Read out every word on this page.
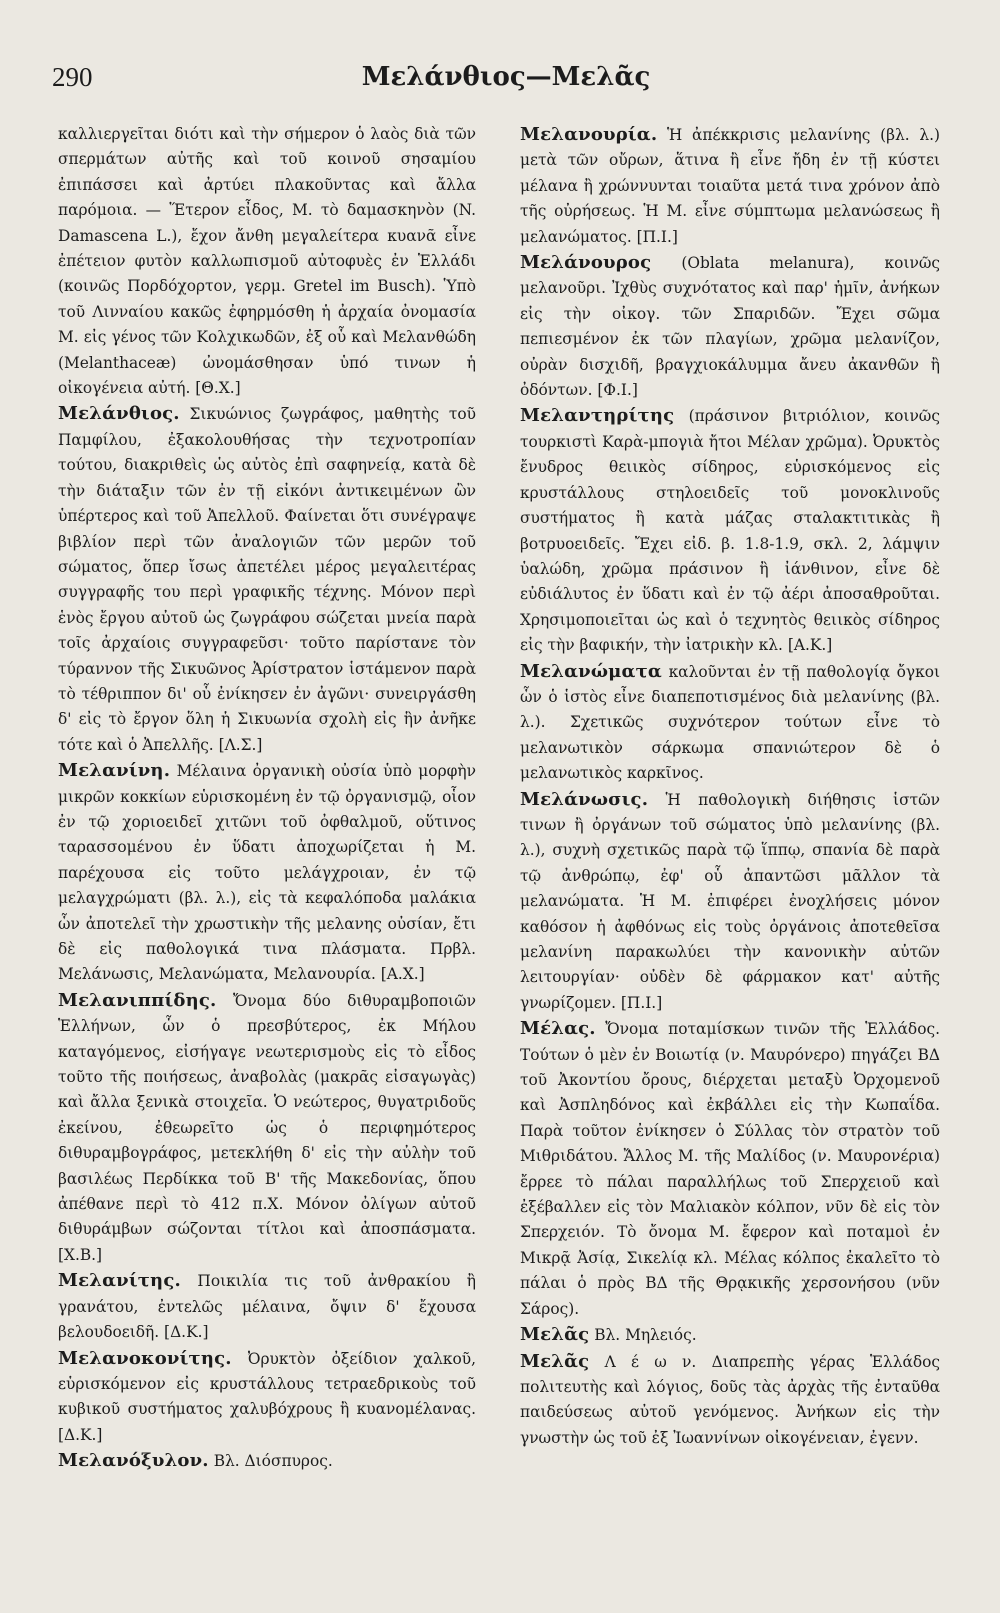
290	Μελάνθιος—Μελᾶς

καλλιεργεῖται διότι καὶ τὴν σήμερον ὁ λαὸς διὰ τῶν σπερμάτων αὐτῆς καὶ τοῦ κοινοῦ σησαμίου ἐπιπάσσει καὶ ἀρτύει πλακοῦντας καὶ ἄλλα παρόμοια. — Ἕτερον εἶδος, Μ. τὸ δαμασκηνὸν (N. Damascena L.), ἔχον ἄνθη μεγαλείτερα κυανᾶ εἶνε ἐπέτειον φυτὸν καλλωπισμοῦ αὐτοφυὲς ἐν Ἑλλάδι (κοινῶς Πορδόχορτον, γερμ. Gretel im Busch). Ὑπὸ τοῦ Λινναίου κακῶς ἐφηρμόσθη ἡ ἀρχαία ὀνομασία Μ. εἰς γένος τῶν Κολχικωδῶν, ἐξ οὗ καὶ Μελανθώδη (Melanthaceæ) ὠνομάσθησαν ὑπό τινων ἡ οἰκογένεια αὐτή. [Θ.Χ.]

Μελάνθιος. Σικυώνιος ζωγράφος, μαθητὴς τοῦ Παμφίλου, ἐξακολουθήσας τὴν τεχνοτροπίαν τούτου, διακριθεὶς ὡς αὐτὸς ἐπὶ σαφηνείᾳ, κατὰ δὲ τὴν διάταξιν τῶν ἐν τῇ εἰκόνι ἀντικειμένων ὢν ὑπέρτερος καὶ τοῦ Ἀπελλοῦ. Φαίνεται ὅτι συνέγραψε βιβλίον περὶ τῶν ἀναλογιῶν τῶν μερῶν τοῦ σώματος, ὅπερ ἴσως ἀπετέλει μέρος μεγαλειτέρας συγγραφῆς του περὶ γραφικῆς τέχνης. Μόνον περὶ ἑνὸς ἔργου αὐτοῦ ὡς ζωγράφου σώζεται μνεία παρὰ τοῖς ἀρχαίοις συγγραφεῦσι· τοῦτο παρίστανε τὸν τύραννον τῆς Σικυῶνος Ἀρίστρατον ἱστάμενον παρὰ τὸ τέθριππον δι' οὗ ἐνίκησεν ἐν ἀγῶνι· συνειργάσθη δ' εἰς τὸ ἔργον ὅλη ἡ Σικυωνία σχολὴ εἰς ἣν ἀνῆκε τότε καὶ ὁ Ἀπελλῆς. [Λ.Σ.]

Μελανίνη. Μέλαινα ὀργανικὴ οὐσία ὑπὸ μορφὴν μικρῶν κοκκίων εὑρισκομένη ἐν τῷ ὀργανισμῷ, οἷον ἐν τῷ χοριοειδεῖ χιτῶνι τοῦ ὀφθαλμοῦ, οὕτινος ταρασσομένου ἐν ὕδατι ἀποχωρίζεται ἡ Μ. παρέχουσα εἰς τοῦτο μελάγχροιαν, ἐν τῷ μελαγχρώματι (βλ. λ.), εἰς τὰ κεφαλόποδα μαλάκια ὧν ἀποτελεῖ τὴν χρωστικὴν τῆς μελανης οὐσίαν, ἔτι δὲ εἰς παθολογικά τινα πλάσματα. Πρβλ. Μελάνωσις, Μελανώματα, Μελανουρία. [Α.Χ.]

Μελανιππίδης. Ὄνομα δύο διθυραμβοποιῶν Ἑλλήνων, ὧν ὁ πρεσβύτερος, ἐκ Μήλου καταγόμενος, εἰσήγαγε νεωτερισμοὺς εἰς τὸ εἶδος τοῦτο τῆς ποιήσεως, ἀναβολὰς (μακρᾶς εἰσαγωγὰς) καὶ ἄλλα ξενικὰ στοιχεῖα. Ὁ νεώτερος, θυγατριδοῦς ἐκείνου, ἐθεωρεῖτο ὡς ὁ περιφημότερος διθυραμβογράφος, μετεκλήθη δ' εἰς τὴν αὐλὴν τοῦ βασιλέως Περδίκκα τοῦ Β' τῆς Μακεδονίας, ὅπου ἀπέθανε περὶ τὸ 412 π.Χ. Μόνον ὀλίγων αὐτοῦ διθυράμβων σώζονται τίτλοι καὶ ἀποσπάσματα. [Χ.Β.]

Μελανίτης. Ποικιλία τις τοῦ ἀνθρακίου ἢ γρανάτου, ἐντελῶς μέλαινα, ὄψιν δ' ἔχουσα βελουδοειδῆ. [Δ.Κ.]

Μελανοκονίτης. Ὀρυκτὸν ὀξείδιον χαλκοῦ, εὑρισκόμενον εἰς κρυστάλλους τετραεδρικοὺς τοῦ κυβικοῦ συστήματος χαλυβόχρους ἢ κυανομέλανας. [Δ.Κ.]

Μελανόξυλον. Βλ. Διόσπυρος.

Μελανουρία. Ἡ ἀπέκκρισις μελανίνης (βλ. λ.) μετὰ τῶν οὔρων, ἅτινα ἢ εἶνε ἤδη ἐν τῇ κύστει μέλανα ἢ χρώννυνται τοιαῦτα μετά τινα χρόνον ἀπὸ τῆς οὐρήσεως. Ἡ Μ. εἶνε σύμπτωμα μελανώσεως ἢ μελανώματος. [Π.Ι.]

Μελάνουρος (Oblata melanura), κοινῶς μελανοῦρι. Ἰχθὺς συχνότατος καὶ παρ' ἡμῖν, ἀνήκων εἰς τὴν οἰκογ. τῶν Σπαριδῶν. Ἔχει σῶμα πεπιεσμένον ἐκ τῶν πλαγίων, χρῶμα μελανίζον, οὐρὰν δισχιδῆ, βραγχιοκάλυμμα ἄνευ ἀκανθῶν ἢ ὀδόντων. [Φ.Ι.]

Μελαντηρίτης (πράσινον βιτριόλιον, κοινῶς τουρκιστὶ Καρὰ-μπογιὰ ἤτοι Μέλαν χρῶμα). Ὀρυκτὸς ἔνυδρος θειικὸς σίδηρος, εὑρισκόμενος εἰς κρυστάλλους στηλοειδεῖς τοῦ μονοκλινοῦς συστήματος ἢ κατὰ μάζας σταλακτιτικὰς ἢ βοτρυοειδεῖς. Ἔχει εἰδ. β. 1.8-1.9, σκλ. 2, λάμψιν ὑαλώδη, χρῶμα πράσινον ἢ ἰάνθινον, εἶνε δὲ εὐδιάλυτος ἐν ὕδατι καὶ ἐν τῷ ἀέρι ἀποσαθροῦται. Χρησιμοποιεῖται ὡς καὶ ὁ τεχνητὸς θειικὸς σίδηρος εἰς τὴν βαφικήν, τὴν ἰατρικὴν κλ. [Α.Κ.]

Μελανώματα καλοῦνται ἐν τῇ παθολογίᾳ ὄγκοι ὧν ὁ ἱστὸς εἶνε διαπεποτισμένος διὰ μελανίνης (βλ. λ.). Σχετικῶς συχνότερον τούτων εἶνε τὸ μελανωτικὸν σάρκωμα σπανιώτερον δὲ ὁ μελανωτικὸς καρκῖνος.

Μελάνωσις. Ἡ παθολογικὴ διήθησις ἱστῶν τινων ἢ ὀργάνων τοῦ σώματος ὑπὸ μελανίνης (βλ. λ.), συχνὴ σχετικῶς παρὰ τῷ ἵππῳ, σπανία δὲ παρὰ τῷ ἀνθρώπῳ, ἐφ' οὗ ἀπαντῶσι μᾶλλον τὰ μελανώματα. Ἡ Μ. ἐπιφέρει ἐνοχλήσεις μόνον καθόσον ἡ ἀφθόνως εἰς τοὺς ὀργάνοις ἀποτεθεῖσα μελανίνη παρακωλύει τὴν κανονικὴν αὐτῶν λειτουργίαν· οὐδὲν δὲ φάρμακον κατ' αὐτῆς γνωρίζομεν. [Π.Ι.]

Μέλας. Ὄνομα ποταμίσκων τινῶν τῆς Ἑλλάδος. Τούτων ὁ μὲν ἐν Βοιωτίᾳ (ν. Μαυρόνερο) πηγάζει ΒΔ τοῦ Ἀκοντίου ὄρους, διέρχεται μεταξὺ Ὀρχομενοῦ καὶ Ἀσπληδόνος καὶ ἐκβάλλει εἰς τὴν Κωπαΐδα. Παρὰ τοῦτον ἐνίκησεν ὁ Σύλλας τὸν στρατὸν τοῦ Μιθριδάτου. Ἄλλος Μ. τῆς Μαλίδος (ν. Μαυρονέρια) ἔρρεε τὸ πάλαι παραλλήλως τοῦ Σπερχειοῦ καὶ ἐξέβαλλεν εἰς τὸν Μαλιακὸν κόλπον, νῦν δὲ εἰς τὸν Σπερχειόν. Τὸ ὄνομα Μ. ἔφερον καὶ ποταμοὶ ἐν Μικρᾷ Ἀσίᾳ, Σικελίᾳ κλ. Μέλας κόλπος ἐκαλεῖτο τὸ πάλαι ὁ πρὸς ΒΔ τῆς Θρᾳκικῆς χερσονήσου (νῦν Σάρος).

Μελᾶς Βλ. Μηλειός.

Μελᾶς Λ έ ω ν. Διαπρεπὴς γέρας Ἑλλάδος πολιτευτὴς καὶ λόγιος, δοῦς τὰς ἀρχὰς τῆς ἐνταῦθα παιδεύσεως αὐτοῦ γενόμενος. Ἀνήκων εἰς τὴν γνωστὴν ὡς τοῦ ἐξ Ἰωαννίνων οἰκογένειαν, ἐγενν.
